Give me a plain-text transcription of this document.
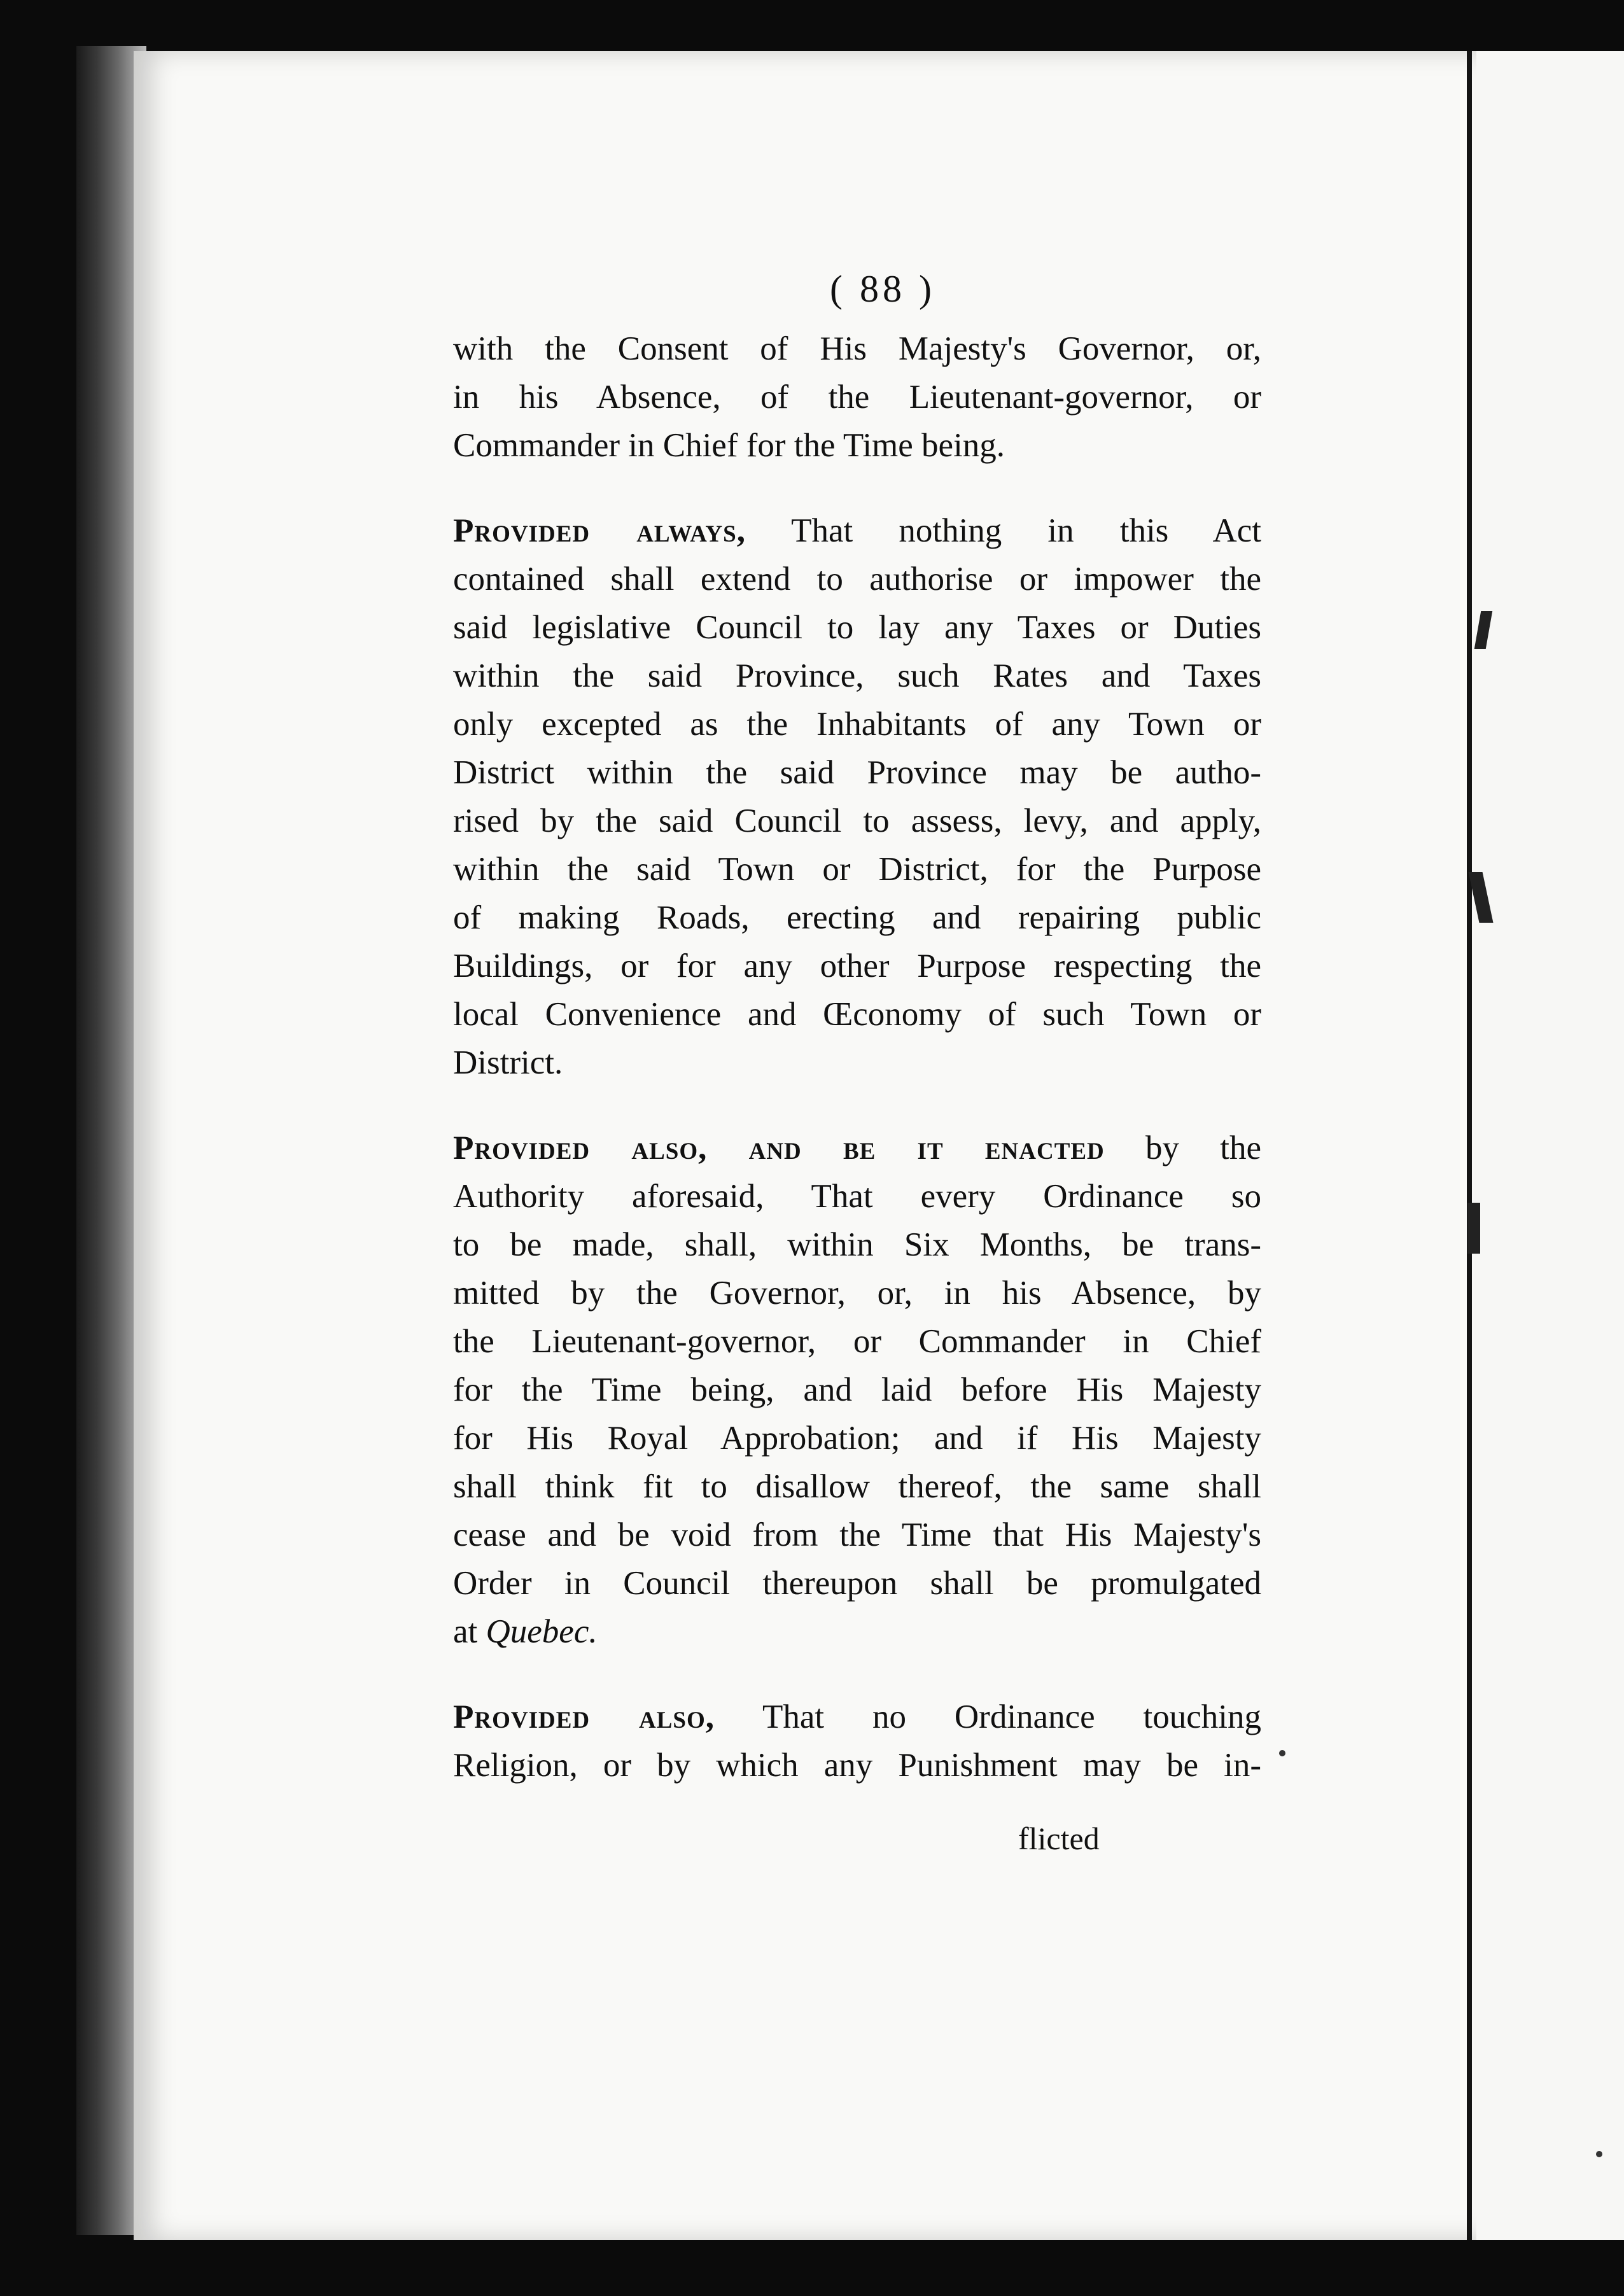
( 88 )

with the Consent of His Majesty's Governor, or,

in his Absence, of the Lieutenant-governor, or

Commander in Chief for the Time being.

Provided always, That nothing in this Act

contained shall extend to authorise or impower the

said legislative Council to lay any Taxes or Duties

within the said Province, such Rates and Taxes

only excepted as the Inhabitants of any Town or

District within the said Province may be autho-

rised by the said Council to assess, levy, and apply,

within the said Town or District, for the Purpose

of making Roads, erecting and repairing public

Buildings, or for any other Purpose respecting the

local Convenience and Œconomy of such Town or

District.

Provided also, and be it enacted by the

Authority aforesaid, That every Ordinance so

to be made, shall, within Six Months, be trans-

mitted by the Governor, or, in his Absence, by

the Lieutenant-governor, or Commander in Chief

for the Time being, and laid before His Majesty

for His Royal Approbation; and if His Majesty

shall think fit to disallow thereof, the same shall

cease and be void from the Time that His Majesty's

Order in Council thereupon shall be promulgated

at Quebec.

Provided also, That no Ordinance touching

Religion, or by which any Punishment may be in-

flicted
